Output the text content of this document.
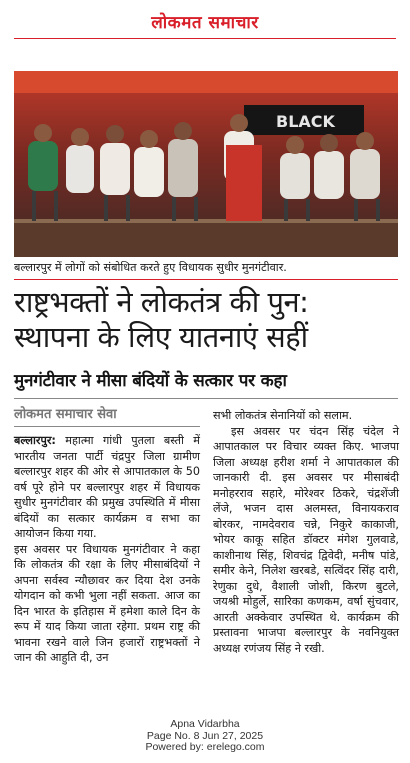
लोकमत समाचार
BLACK
बल्लारपुर में लोगों को संबोधित करते हुए विधायक सुधीर मुनगंटीवार.
राष्ट्रभक्तों ने लोकतंत्र की पुन:
स्थापना के लिए यातनाएं सहीं
मुनगंटीवार ने मीसा बंदियों के सत्कार पर कहा
लोकमत समाचार सेवा

बल्लारपुर: महात्मा गांधी पुतला बस्ती में भारतीय जनता पार्टी चंद्रपुर जिला ग्रामीण बल्लारपुर शहर की ओर से आपातकाल के 50 वर्ष पूरे होने पर बल्लारपुर शहर में विधायक सुधीर मुनगंटीवार की प्रमुख उपस्थिति में मीसा बंदियों का सत्कार कार्यक्रम व सभा का आयोजन किया गया.

इस अवसर पर विधायक मुनगंटीवार ने कहा कि लोकतंत्र की रक्षा के लिए मीसाबंदियों ने अपना सर्वस्व न्यौछावर कर दिया देश उनके योगदान को कभी भुला नहीं सकता. आज का दिन भारत के इतिहास में हमेशा काले दिन के रूप में याद किया जाता रहेगा. प्रथम राष्ट्र की भावना रखने वाले जिन हजारों राष्ट्रभक्तों ने जान की आहुति दी, उन

सभी लोकतंत्र सेनानियों को सलाम.

इस अवसर पर चंदन सिंह चंदेल ने आपातकाल पर विचार व्यक्त किए. भाजपा जिला अध्यक्ष हरीश शर्मा ने आपातकाल की जानकारी दी. इस अवसर पर मीसाबंदी मनोहरराव सहारे, मोरेश्वर ठिकरे, चंद्रशेंजी लेंजे, भजन दास अलमस्त, विनायकराव बोरकर, नामदेवराव चन्ने, निकुरे काकाजी, भोयर काकू सहित डॉक्टर मंगेश गुलवाडे, काशीनाथ सिंह, शिवचंद्र द्विवेदी, मनीष पांडे, समीर केने, निलेश खरबडे, सत्विंदर सिंह दारी, रेणुका दुधे, वैशाली जोशी, किरण बुटले, जयश्री मोहुर्ले, सारिका कणकम, वर्षा सुंचवार, आरती अक्केवार उपस्थित थे. कार्यक्रम की प्रस्तावना भाजपा बल्लारपुर के नवनियुक्त अध्यक्ष रणंजय सिंह ने रखी.

Apna Vidarbha
Page No. 8 Jun 27, 2025
Powered by: erelego.com
